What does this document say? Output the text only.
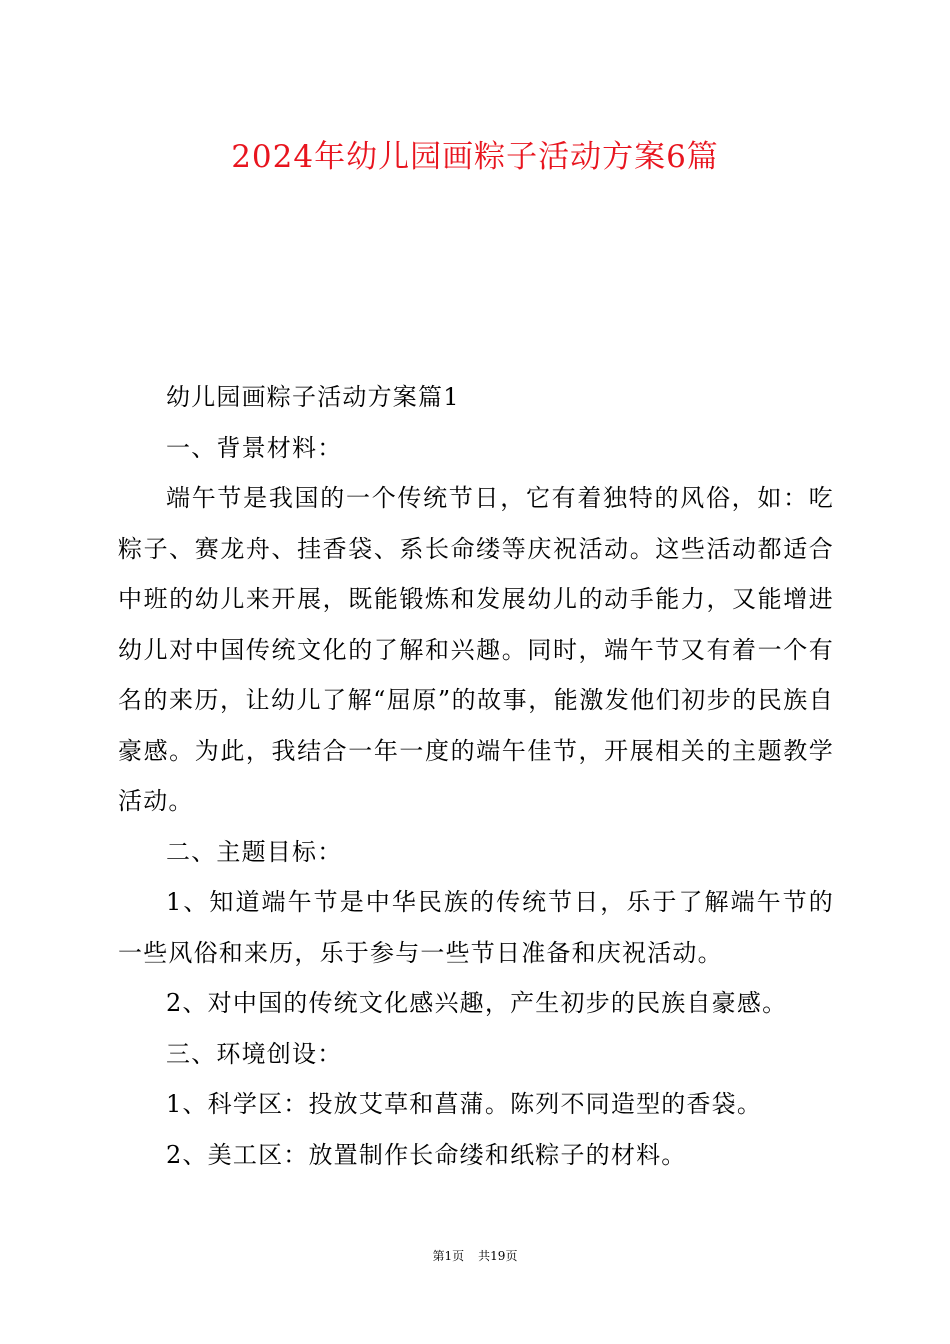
2024年幼儿园画粽子活动方案6篇

幼儿园画粽子活动方案篇1

一、背景材料：

端午节是我国的一个传统节日，它有着独特的风俗，如：吃粽子、赛龙舟、挂香袋、系长命缕等庆祝活动。这些活动都适合中班的幼儿来开展，既能锻炼和发展幼儿的动手能力，又能增进幼儿对中国传统文化的了解和兴趣。同时，端午节又有着一个有名的来历，让幼儿了解“屈原”的故事，能激发他们初步的民族自豪感。为此，我结合一年一度的端午佳节，开展相关的主题教学活动。

二、主题目标：

1、知道端午节是中华民族的传统节日，乐于了解端午节的一些风俗和来历，乐于参与一些节日准备和庆祝活动。

2、对中国的传统文化感兴趣，产生初步的民族自豪感。

三、环境创设：

1、科学区：投放艾草和菖蒲。陈列不同造型的香袋。

2、美工区：放置制作长命缕和纸粽子的材料。

第1页 共19页
